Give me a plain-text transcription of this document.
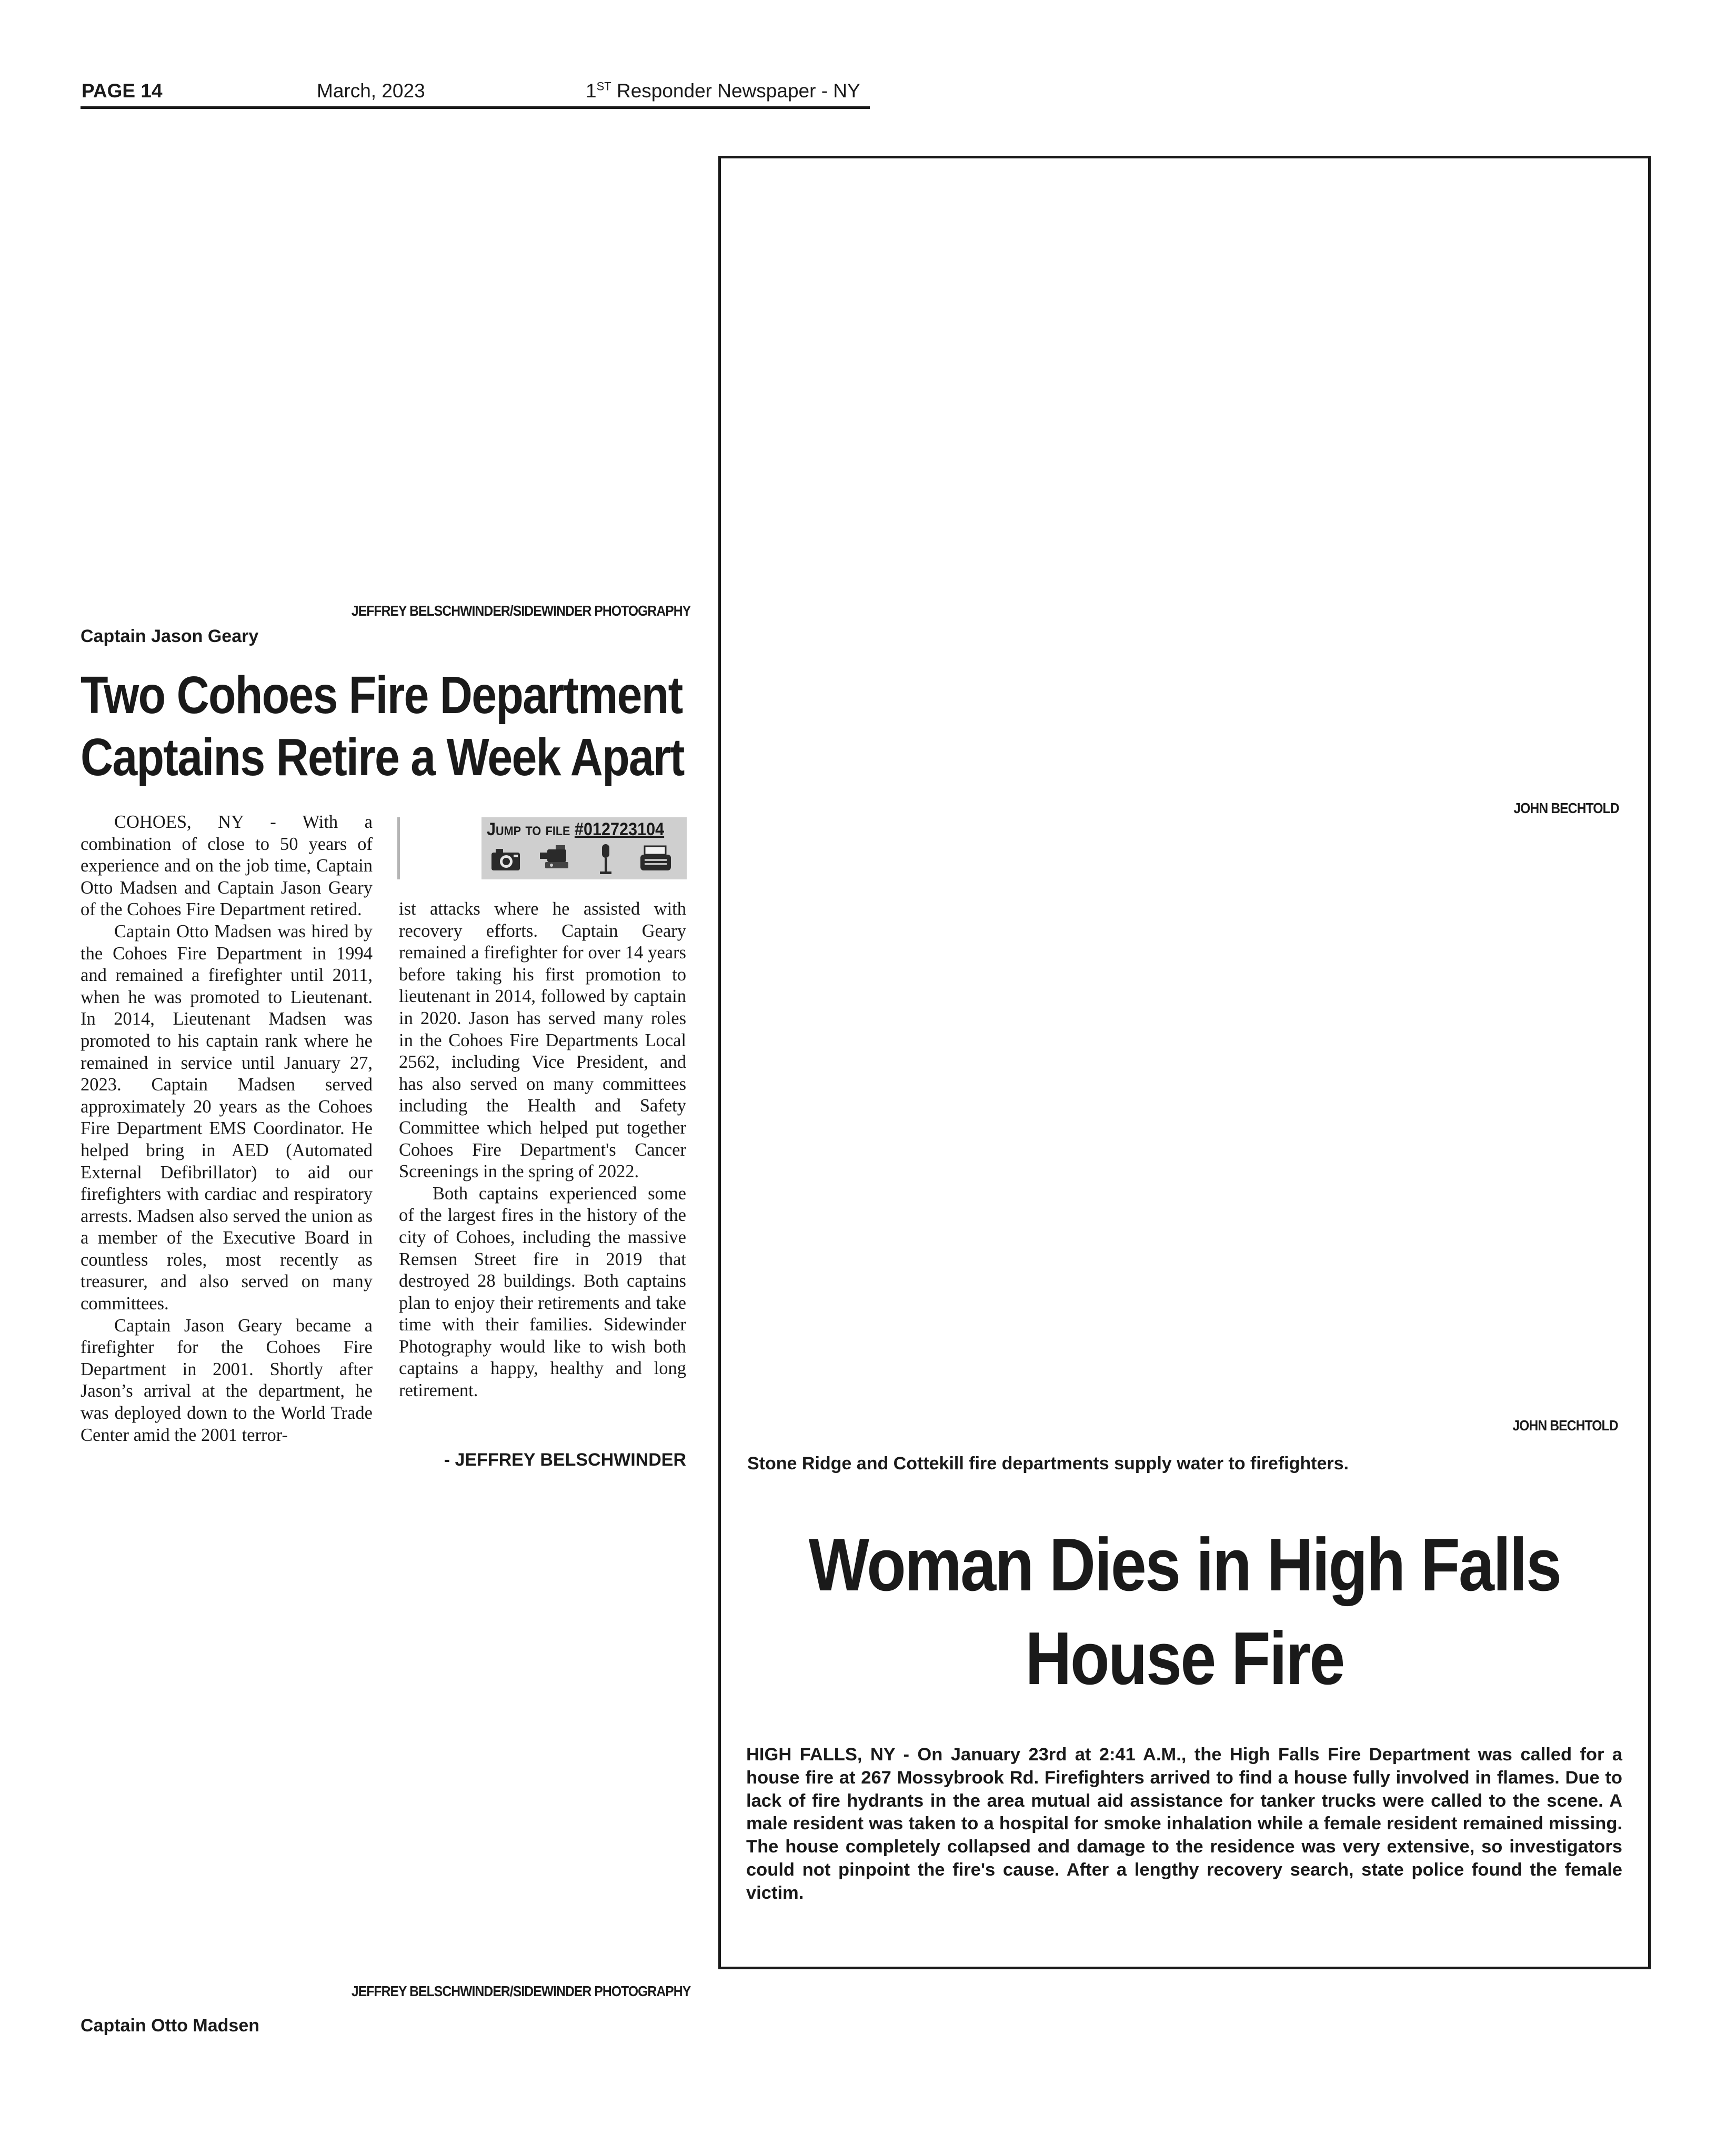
PAGE 14	March, 2023	1ST Responder Newspaper - NY
JEFFREY BELSCHWINDER/SIDEWINDER PHOTOGRAPHY
Captain Jason Geary
Two Cohoes Fire Department
Captains Retire a Week Apart

COHOES, NY - With a combination of close to 50 years of experience and on the job time, Captain Otto Madsen and Captain Jason Geary of the Cohoes Fire Department retired.

Captain Otto Madsen was hired by the Cohoes Fire Department in 1994 and remained a firefighter until 2011, when he was promoted to Lieutenant. In 2014, Lieutenant Madsen was promoted to his captain rank where he remained in service until January 27, 2023. Captain Madsen served approximately 20 years as the Cohoes Fire Department EMS Coordinator. He helped bring in AED (Automated External Defibrillator) to aid our firefighters with cardiac and respiratory arrests. Madsen also served the union as a member of the Executive Board in countless roles, most recently as treasurer, and also served on many committees.

Captain Jason Geary became a firefighter for the Cohoes Fire Department in 2001. Shortly after Jason’s arrival at the department, he was deployed down to the World Trade Center amid the 2001 terror-

Jump to file #012723104

ist attacks where he assisted with recovery efforts. Captain Geary remained a firefighter for over 14 years before taking his first promotion to lieutenant in 2014, followed by captain in 2020. Jason has served many roles in the Cohoes Fire Departments Local 2562, including Vice President, and has also served on many committees including the Health and Safety Committee which helped put together Cohoes Fire Department's Cancer Screenings in the spring of 2022.

Both captains experienced some of the largest fires in the history of the city of Cohoes, including the massive Remsen Street fire in 2019 that destroyed 28 buildings. Both captains plan to enjoy their retirements and take time with their families. Sidewinder Photography would like to wish both captains a happy, healthy and long retirement.

- JEFFREY BELSCHWINDER
JEFFREY BELSCHWINDER/SIDEWINDER PHOTOGRAPHY
Captain Otto Madsen
JOHN BECHTOLD
JOHN BECHTOLD
Stone Ridge and Cottekill fire departments supply water to firefighters.
Woman Dies in High Falls
House Fire
HIGH FALLS, NY - On January 23rd at 2:41 A.M., the High Falls Fire Department was called for a house fire at 267 Mossybrook Rd. Firefighters arrived to find a house fully involved in flames. Due to lack of fire hydrants in the area mutual aid assistance for tanker trucks were called to the scene. A male resident was taken to a hospital for smoke inhalation while a female resident remained missing. The house completely collapsed and damage to the residence was very extensive, so investigators could not pinpoint the fire's cause. After a lengthy recovery search, state police found the female victim.
